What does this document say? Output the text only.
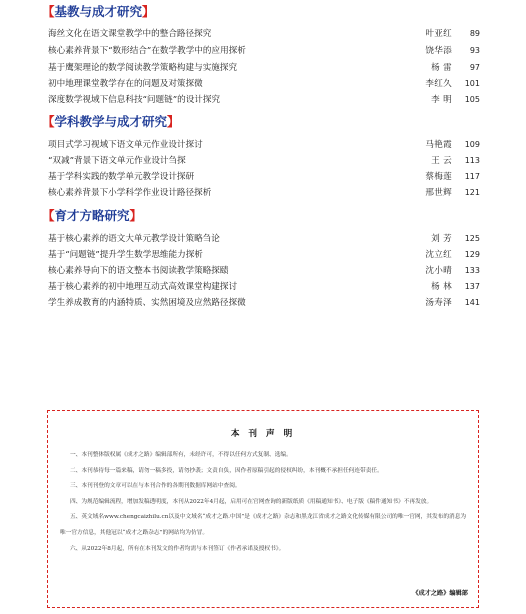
【基教与成才研究】
海丝文化在语文课堂教学中的整合路径探究	叶亚红	89
核心素养背景下“数形结合”在数学教学中的应用探析	饶华添	93
基于鹰架理论的数学阅读教学策略构建与实施探究	杨 雷	97
初中地理课堂教学存在的问题及对策探微	李红久	101
深度数学视域下信息科技“问题链”的设计探究	李 明	105
【学科教学与成才研究】
项目式学习视域下语文单元作业设计探讨	马艳霞	109
“双减”背景下语文单元作业设计刍探	王 云	113
基于学科实践的数学单元教学设计探研	蔡梅莲	117
核心素养背景下小学科学作业设计路径探析	邢世辉	121
【育才方略研究】
基于核心素养的语文大单元教学设计策略刍论	刘 芳	125
基于“问题链”提升学生数学思维能力探析	沈立红	129
核心素养导向下的语文整本书阅读教学策略探赜	沈小晴	133
基于核心素养的初中地理互动式高效课堂构建探讨	杨 林	137
学生养成教育的内涵特质、实然困境及应然路径探微	汤寿泽	141
本 刊 声 明

一、本刊整体版权属《成才之路》编辑部所有，未经许可，不得以任何方式复制、选编。

二、本刊恭待每一篇来稿，请勿一稿多投，请勿抄袭；文责自负，因作者原稿引起的侵权纠纷，本刊概不承担任何连带责任。

三、本刊刊登的文章可以在与本刊合作的各期刊数据库网站中查阅。

四、为规范编辑流程，增加发稿透明度，本刊从2022年4月起，启用可在官网查询的新版纸质《用稿通知书》、电子版《稿件通知书》不再发放。

五、英文域名www.chengcaizhilu.cn以及中文域名“成才之路.中国”是《成才之路》杂志和黑龙江省成才之路文化传媒有限公司的唯一官网，其发布的消息为唯一官方信息，其他冠以“成才之路杂志”的网站均为仿冒。

六、从2022年8月起，所有在本刊发文的作者均需与本刊签订《作者承诺及授权书》。

《成才之路》编辑部
